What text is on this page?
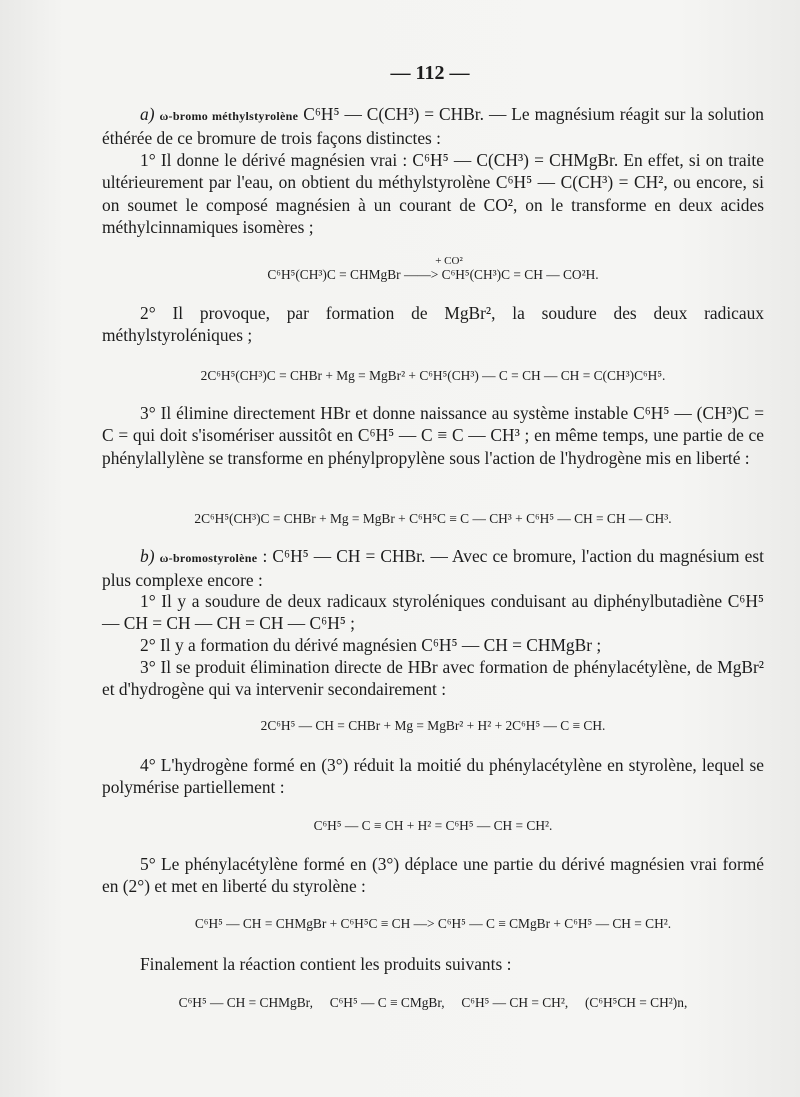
— 112 —

a) ω-bromo méthylstyrolène C⁶H⁵ — C(CH³) = CHBr. — Le magnésium réagit sur la solution éthérée de ce bromure de trois façons distinctes :

1° Il donne le dérivé magnésien vrai : C⁶H⁵ — C(CH³) = CHMgBr. En effet, si on traite ultérieurement par l'eau, on obtient du méthylstyrolène C⁶H⁵ — C(CH³) = CH², ou encore, si on soumet le composé magnésien à un courant de CO², on le transforme en deux acides méthylcinnamiques isomères ;

+ CO²
C⁶H⁵(CH³)C = CHMgBr ——> C⁶H⁵(CH³)C = CH — CO²H.

2° Il provoque, par formation de MgBr², la soudure des deux radicaux méthylstyroléniques ;

2C⁶H⁵(CH³)C = CHBr + Mg = MgBr² + C⁶H⁵(CH³) — C = CH — CH = C(CH³)C⁶H⁵.

3° Il élimine directement HBr et donne naissance au système instable C⁶H⁵ — (CH³)C = C = qui doit s'isomériser aussitôt en C⁶H⁵ — C ≡ C — CH³ ; en même temps, une partie de ce phénylallylène se transforme en phénylpropylène sous l'action de l'hydrogène mis en liberté :

2C⁶H⁵(CH³)C = CHBr + Mg = MgBr + C⁶H⁵C ≡ C — CH³ + C⁶H⁵ — CH = CH — CH³.

b) ω-bromostyrolène : C⁶H⁵ — CH = CHBr. — Avec ce bromure, l'action du magnésium est plus complexe encore :

1° Il y a soudure de deux radicaux styroléniques conduisant au diphénylbutadiène C⁶H⁵ — CH = CH — CH = CH — C⁶H⁵ ;

2° Il y a formation du dérivé magnésien C⁶H⁵ — CH = CHMgBr ;

3° Il se produit élimination directe de HBr avec formation de phénylacétylène, de MgBr² et d'hydrogène qui va intervenir secondairement :

2C⁶H⁵ — CH = CHBr + Mg = MgBr² + H² + 2C⁶H⁵ — C ≡ CH.

4° L'hydrogène formé en (3°) réduit la moitié du phénylacétylène en styrolène, lequel se polymérise partiellement :

C⁶H⁵ — C ≡ CH + H² = C⁶H⁵ — CH = CH².

5° Le phénylacétylène formé en (3°) déplace une partie du dérivé magnésien vrai formé en (2°) et met en liberté du styrolène :

C⁶H⁵ — CH = CHMgBr + C⁶H⁵C ≡ CH —> C⁶H⁵ — C ≡ CMgBr + C⁶H⁵ — CH = CH².

Finalement la réaction contient les produits suivants :

C⁶H⁵ — CH = CHMgBr,     C⁶H⁵ — C ≡ CMgBr,     C⁶H⁵ — CH = CH²,     (C⁶H⁵CH = CH²)n,
